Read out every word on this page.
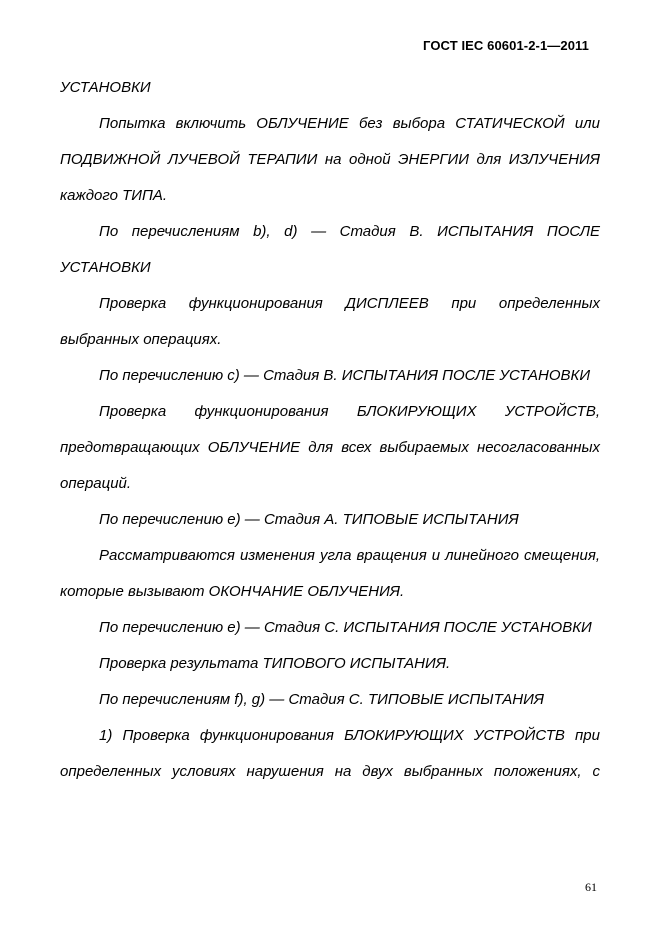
ГОСТ IEC 60601-2-1—2011

УСТАНОВКИ

Попытка включить ОБЛУЧЕНИЕ без выбора СТАТИЧЕСКОЙ или ПОДВИЖНОЙ ЛУЧЕВОЙ ТЕРАПИИ на одной ЭНЕРГИИ для ИЗЛУЧЕНИЯ каждого ТИПА.

По перечислениям b), d) — Стадия В. ИСПЫТАНИЯ ПОСЛЕ УСТАНОВКИ

Проверка функционирования ДИСПЛЕЕВ при определенных выбранных операциях.

По перечислению с) — Стадия В. ИСПЫТАНИЯ ПОСЛЕ УСТАНОВКИ

Проверка функционирования БЛОКИРУЮЩИХ УСТРОЙСТВ, предотвращающих ОБЛУЧЕНИЕ для всех выбираемых несогласованных операций.

По перечислению е) — Стадия А. ТИПОВЫЕ ИСПЫТАНИЯ

Рассматриваются изменения угла вращения и линейного смещения, которые вызывают ОКОНЧАНИЕ ОБЛУЧЕНИЯ.

По перечислению е) — Стадия С. ИСПЫТАНИЯ ПОСЛЕ УСТАНОВКИ

Проверка результата ТИПОВОГО ИСПЫТАНИЯ.

По перечислениям f), g) — Стадия С. ТИПОВЫЕ ИСПЫТАНИЯ

1) Проверка функционирования БЛОКИРУЮЩИХ УСТРОЙСТВ при определенных условиях нарушения на двух выбранных положениях, с

61
